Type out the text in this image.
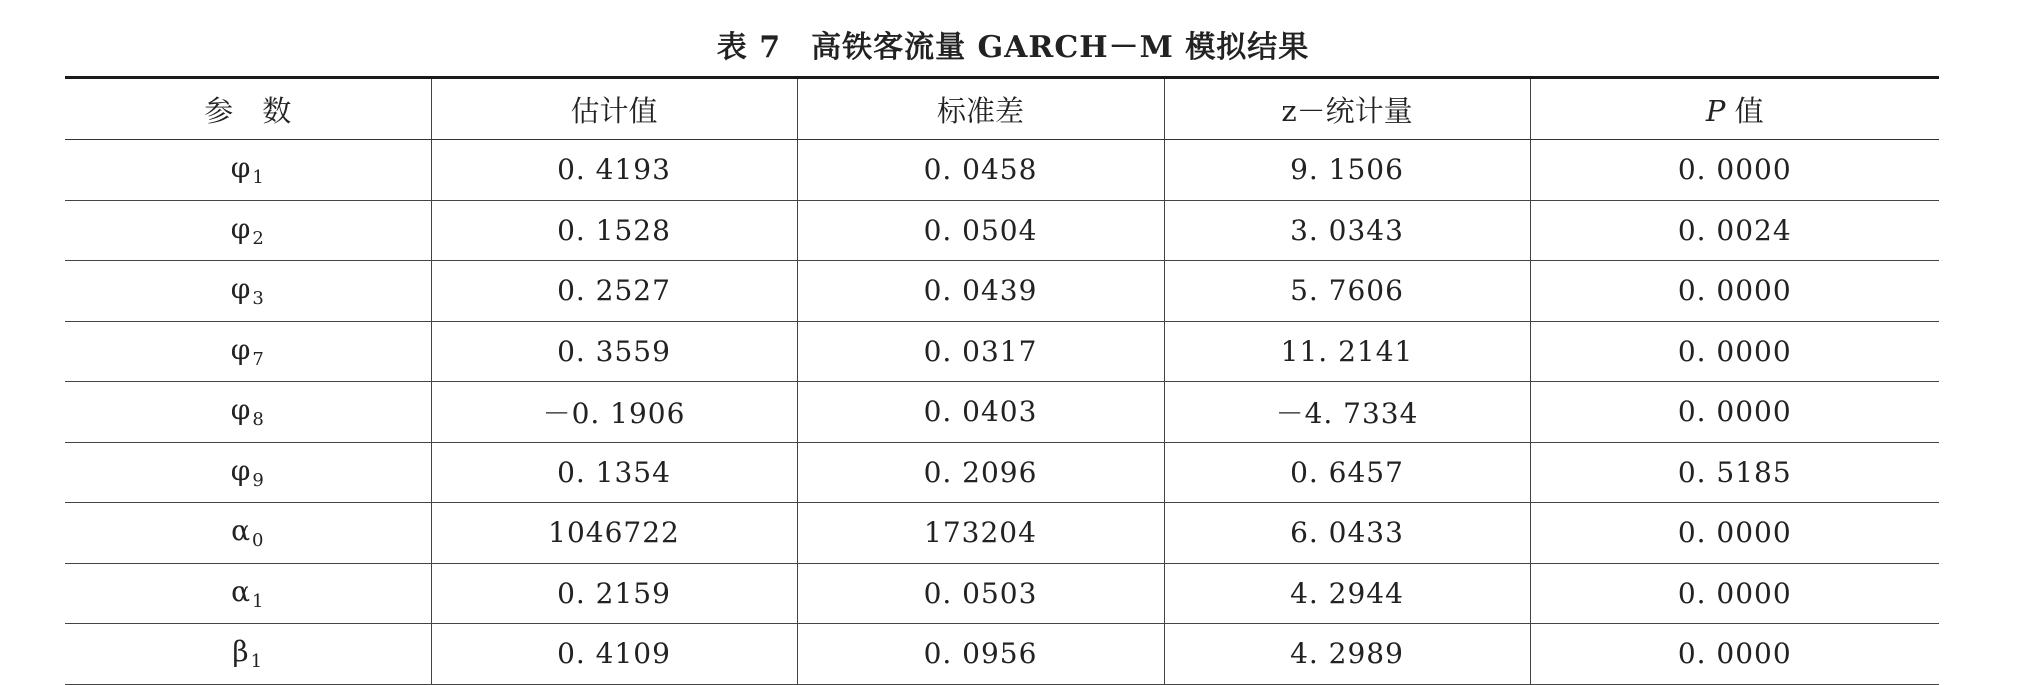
表 7 高铁客流量 GARCH－M 模拟结果
参　数	估计值	标准差	z－统计量	P 值
$\varphi_1$	0. 4193	0. 0458	9. 1506	0. 0000
$\varphi_2$	0. 1528	0. 0504	3. 0343	0. 0024
$\varphi_3$	0. 2527	0. 0439	5. 7606	0. 0000
$\varphi_7$	0. 3559	0. 0317	11. 2141	0. 0000
$\varphi_8$	－0. 1906	0. 0403	－4. 7334	0. 0000
$\varphi_9$	0. 1354	0. 2096	0. 6457	0. 5185
$\alpha_0$	1046722	173204	6. 0433	0. 0000
$\alpha_1$	0. 2159	0. 0503	4. 2944	0. 0000
$\beta_1$	0. 4109	0. 0956	4. 2989	0. 0000
